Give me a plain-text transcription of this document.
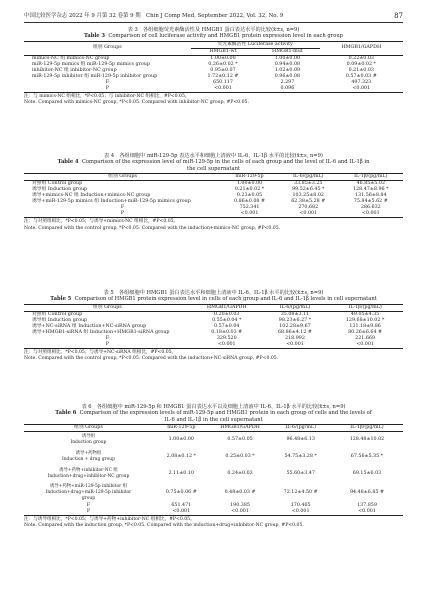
中国比较医学杂志 2022 年 9 月第 32 卷第 9 期　Chin J Comp Med, September 2022, Vol. 32, No. 9	87
表 3　各组细胞荧光素酶活性及 HMGB1 蛋白表达水平的比较(x̄±s, n=9)
Table 3 Comparison of cell luciferase activity and HMGB1 protein expression level in each group
组别 Groups	荧光素酶活性 Luciferase activity		HMGB1/GAPDH
	HMGB1-wt	HMGB1-mut	
mimics-NC 组 mimics-NC group	1.00±0.00	1.00±0.00	0.22±0.03
miR-129-5p mimics 组 miR-129-5p mimics group	0.26±0.02 *	0.94±0.08	0.09±0.02 *
inhibitor-NC 组 inhibitor-NC group	0.95±0.07	1.02±0.09	0.21±0.03
miR-129-5p inhibitor 组 miR-129-5p inhibitor group	1.72±0.12 #	0.96±0.08	0.57±0.03 #
F	650.117	2.297	497.323
P	<0.001	0.096	<0.001
注：与 mimics-NC 组相比，*P<0.05；与 inhibitor-NC 组相比，#P<0.05。
Note. Compared with mimics-NC group, *P<0.05. Compared with inhibitor-NC group, #P<0.05.
表 4　各组细胞中 miR-129-5p 表达水平和细胞上清液中 IL-6、IL-1β 水平的比较(x̄±s, n=9)
Table 4 Comparison of the expression level of miR-129-5p in the cells of each group and the level of IL-6 and IL-1β in
the cell supernatant
组别 Groups	miR-129-5p	IL-6/(pg/mL)	IL-1β/(pg/mL)
对照组 Control group	1.00±0.00	33.85±3.25	46.85±5.02
诱导组 Induction group	0.21±0.02 *	99.52±6.45 *	128.47±8.96 *
诱导+mimics-NC 组 Induction+mimics-NC group	0.23±0.05	103.25±8.02	131.56±8.84
诱导+miR-129-5p mimics 组 Induction+miR-129-5p mimics group	0.86±0.08 #	62.38±5.28 #	75.84±5.62 #
F	752.341	270.682	286.632
P	<0.001	<0.001	<0.001
注：与对照组相比，*P<0.05；与诱导+mimics-NC 组相比，#P<0.05。
Note. Compared with the control group, *P<0.05. Compared with the induction+mimics-NC group, #P<0.05.
表 5　各组细胞中 HMGB1 蛋白表达水平和细胞上清液中 IL-6、IL-1β 水平的比较(x̄±s, n=9)
Table 5 Comparison of HMGB1 protein expression level in cells of each group and IL-6 and IL-1β levels in cell supernatant
组别 Groups	HMGB1/GAPDH	IL-6/(pg/mL)	IL-1β/(pg/mL)
对照组 Control group	0.20±0.03	35.08±3.11	49.05±4.35
诱导组 Induction group	0.55±0.04 *	98.23±6.27 *	129.68±10.02 *
诱导+NC-siRNA 组 Induction+NC-siRNA group	0.57±0.04	102.28±9.67	131.18±9.86
诱导+HMGB1-siRNA 组 Induction+HMGB1-siRNA group	0.18±0.03 #	68.86±4.12 #	80.26±6.64 #
F	329.520	218.992	221.669
P	<0.001	<0.001	<0.001
注：与对照组相比，*P<0.05；与诱导+NC-siRNA 组相比，#P<0.05。
Note. Compared with the control group, *P<0.05. Compared with the induction+NC-siRNA group, #P<0.05.
表 6　各组细胞中 miR-129-5p 和 HMGB1 蛋白表达水平以及细胞上清液中 IL-6、IL-1β 水平的比较(x̄±s, n=9)
Table 6 Comparison of the expression levels of miR-129-5p and HMGB1 protein in each group of cells and the levels of
IL-6 and IL-1β in the cell supernatant
组别 Groups	miR-129-5p	HMGB1/GAPDH	IL-6/(pg/mL)	IL-1β/(pg/mL)

诱导组
Induction group	1.00±0.00	0.57±0.05	96.48±6.13	128.48±10.02

诱导+药物组
Induction + drug group	2.08±0.12 *	0.25±0.03 *	54.75±3.28 *	67.56±5.35 *

诱导+药物+inhibitor-NC 组
Induction+drug+inhibitor-NC group	2.11±0.10	0.24±0.03	55.60±3.47	69.15±6.03

诱导+药物+miR-129-5p inhibitor 组
Induction+drug+miR-129-5p inhibitor
group	0.75±0.06 #	0.48±0.03 #	72.12±4.50 #	94.48±6.85 #
F	651.471	190.385	170.465	137.859
P	<0.001	<0.001	<0.001	<0.001
注：与诱导组相比，*P<0.05；与诱导+药物+inhibitor-NC 组相比，#P<0.05。
Note. Compared with the induction group, *P<0.05. Compared with the induction+drug+inhibitor-NC group, #P<0.05.
